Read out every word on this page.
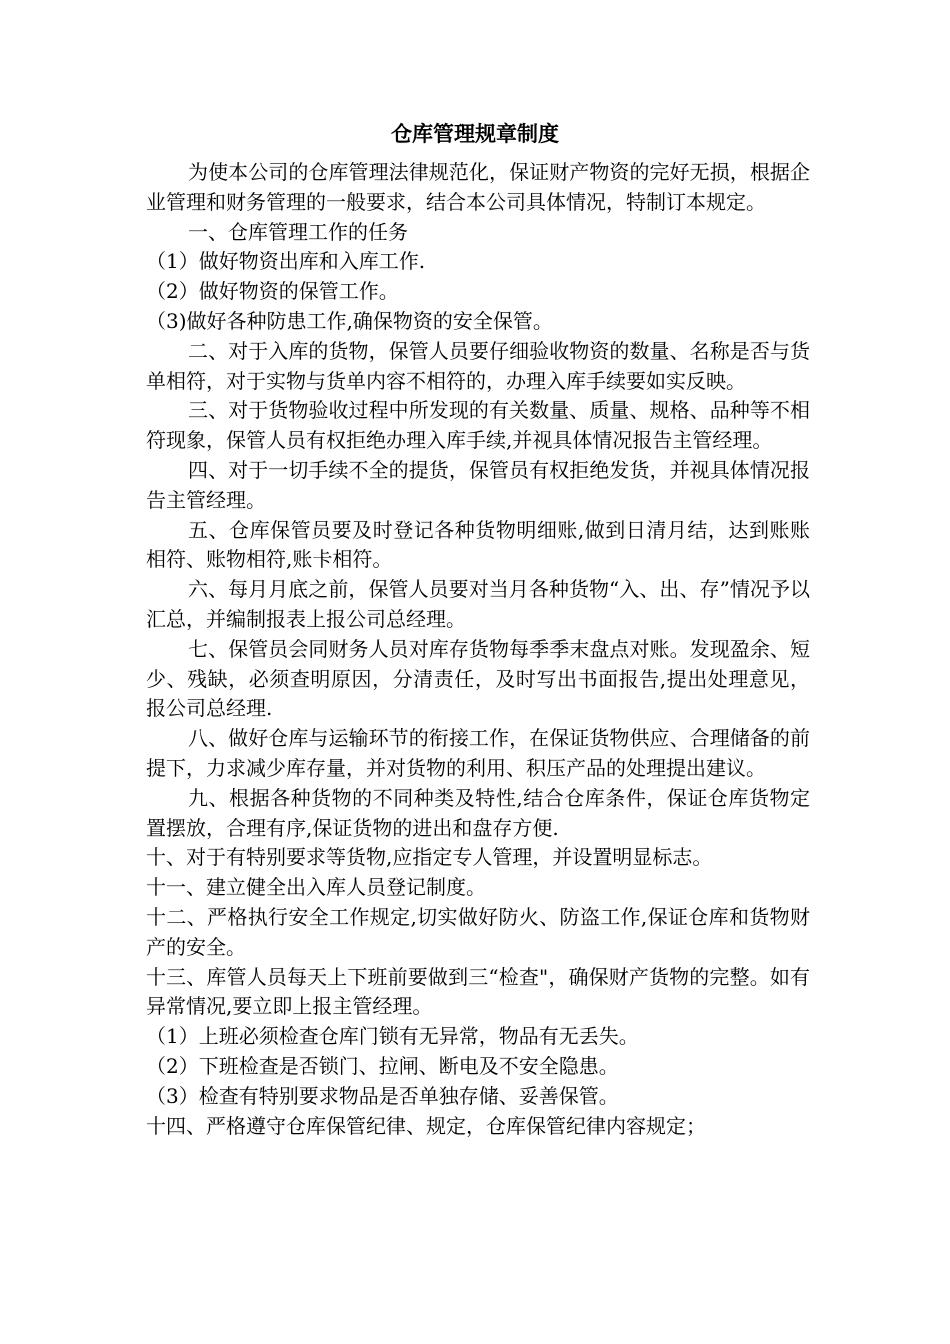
仓库管理规章制度

为使本公司的仓库管理法律规范化，保证财产物资的完好无损，根据企业管理和财务管理的一般要求，结合本公司具体情况，特制订本规定。

一、仓库管理工作的任务

（1）做好物资出库和入库工作.

（2）做好物资的保管工作。

（3)做好各种防患工作,确保物资的安全保管。

二、对于入库的货物，保管人员要仔细验收物资的数量、名称是否与货单相符，对于实物与货单内容不相符的，办理入库手续要如实反映。

三、对于货物验收过程中所发现的有关数量、质量、规格、品种等不相符现象，保管人员有权拒绝办理入库手续,并视具体情况报告主管经理。

四、对于一切手续不全的提货，保管员有权拒绝发货，并视具体情况报告主管经理。

五、仓库保管员要及时登记各种货物明细账,做到日清月结，达到账账相符、账物相符,账卡相符。

六、每月月底之前，保管人员要对当月各种货物“入、出、存”情况予以汇总，并编制报表上报公司总经理。

七、保管员会同财务人员对库存货物每季季末盘点对账。发现盈余、短少、残缺，必须查明原因，分清责任，及时写出书面报告,提出处理意见，报公司总经理.

八、做好仓库与运输环节的衔接工作，在保证货物供应、合理储备的前提下，力求减少库存量，并对货物的利用、积压产品的处理提出建议。

九、根据各种货物的不同种类及特性,结合仓库条件，保证仓库货物定置摆放，合理有序,保证货物的进出和盘存方便.

十、对于有特别要求等货物,应指定专人管理，并设置明显标志。

十一、建立健全出入库人员登记制度。

十二、严格执行安全工作规定,切实做好防火、防盗工作,保证仓库和货物财产的安全。

十三、库管人员每天上下班前要做到三“检查"，确保财产货物的完整。如有异常情况,要立即上报主管经理。

（1）上班必须检查仓库门锁有无异常，物品有无丢失。

（2）下班检查是否锁门、拉闸、断电及不安全隐患。

（3）检查有特别要求物品是否单独存储、妥善保管。

十四、严格遵守仓库保管纪律、规定，仓库保管纪律内容规定；
